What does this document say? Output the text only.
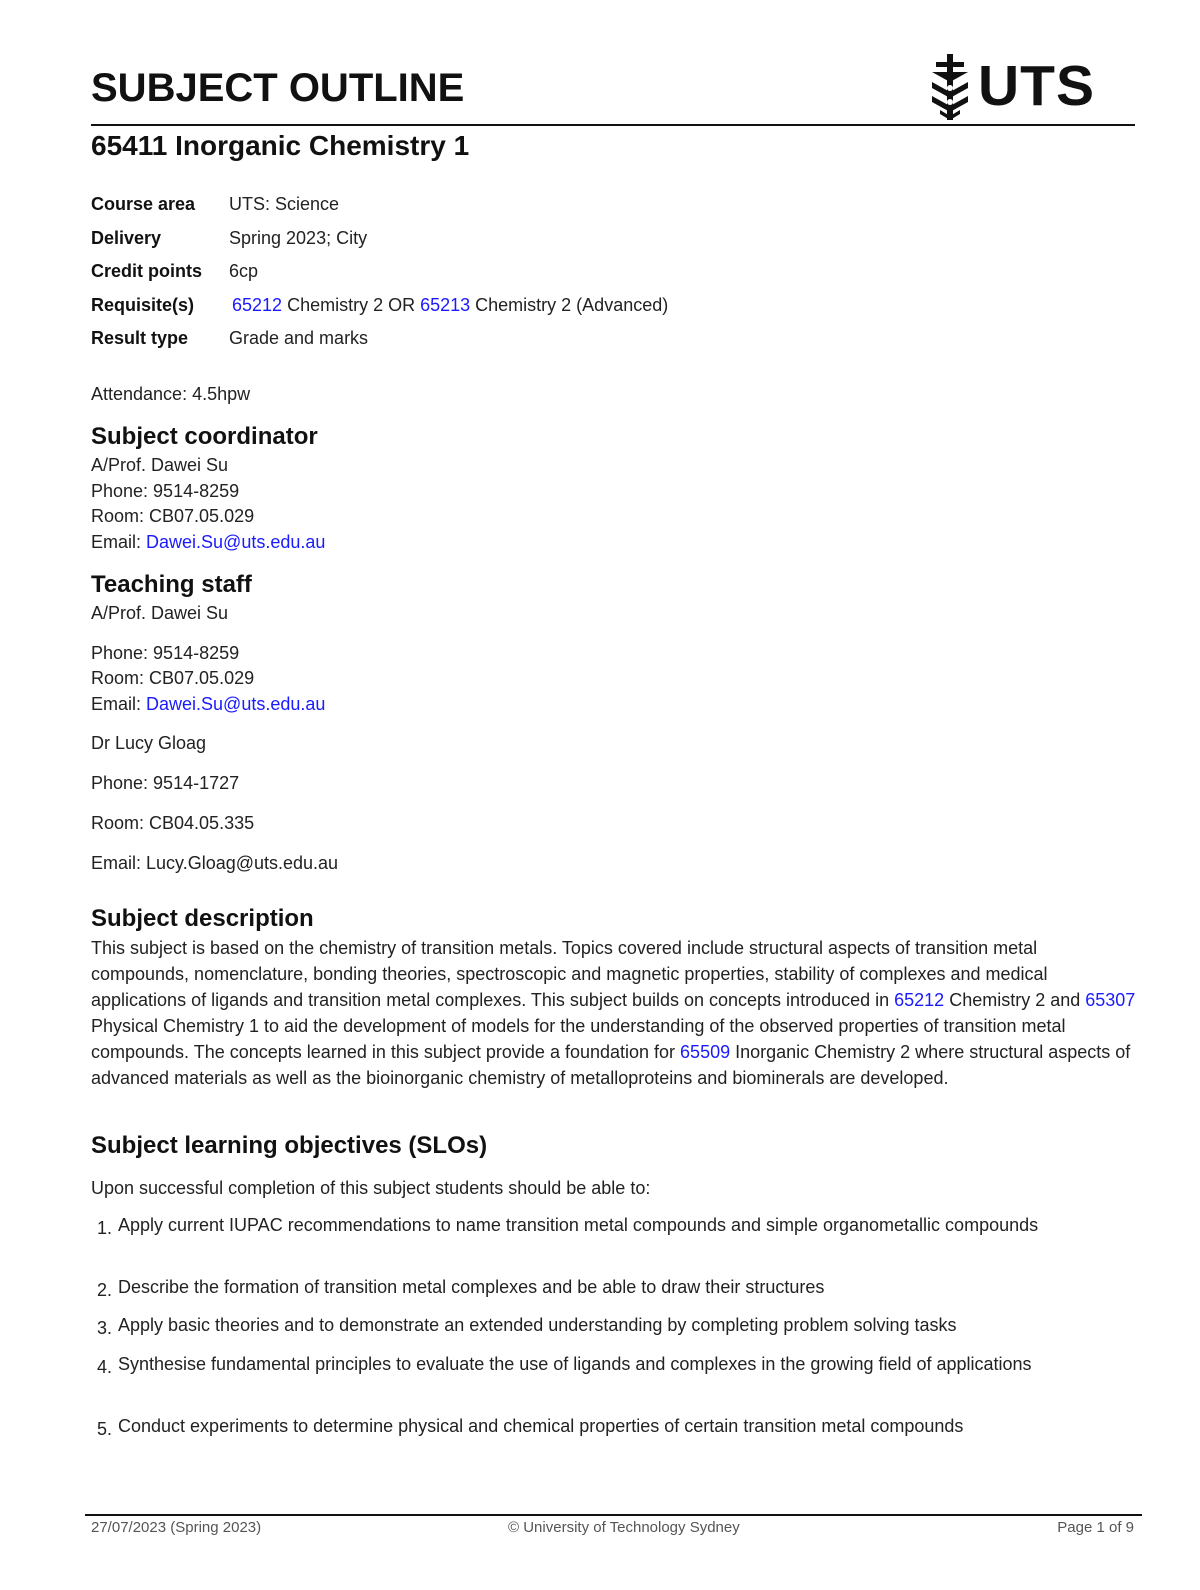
SUBJECT OUTLINE	UTS
65411 Inorganic Chemistry 1
Course area UTS: Science
Delivery	Spring 2023; City
Credit points 6cp
Requisite(s) 65212 Chemistry 2 OR 65213 Chemistry 2 (Advanced)
Result type Grade and marks
Attendance: 4.5hpw
Subject coordinator
A/Prof. Dawei Su
Phone: 9514-8259
Room: CB07.05.029
Email: Dawei.Su@uts.edu.au
Teaching staff
A/Prof. Dawei Su
Phone: 9514-8259
Room: CB07.05.029
Email: Dawei.Su@uts.edu.au
Dr Lucy Gloag
Phone: 9514-1727
Room: CB04.05.335
Email: Lucy.Gloag@uts.edu.au
Subject description
This subject is based on the chemistry of transition metals. Topics covered include structural aspects of transition metal compounds, nomenclature, bonding theories, spectroscopic and magnetic properties, stability of complexes and medical applications of ligands and transition metal complexes. This subject builds on concepts introduced in 65212 Chemistry 2 and 65307 Physical Chemistry 1 to aid the development of models for the understanding of the observed properties of transition metal compounds. The concepts learned in this subject provide a foundation for 65509 Inorganic Chemistry 2 where structural aspects of advanced materials as well as the bioinorganic chemistry of metalloproteins and biominerals are developed.
Subject learning objectives (SLOs)
Upon successful completion of this subject students should be able to:
1. Apply current IUPAC recommendations to name transition metal compounds and simple organometallic compounds
2. Describe the formation of transition metal complexes and be able to draw their structures
3. Apply basic theories and to demonstrate an extended understanding by completing problem solving tasks
4. Synthesise fundamental principles to evaluate the use of ligands and complexes in the growing field of applications
5. Conduct experiments to determine physical and chemical properties of certain transition metal compounds
27/07/2023 (Spring 2023)	© University of Technology Sydney	Page 1 of 9
